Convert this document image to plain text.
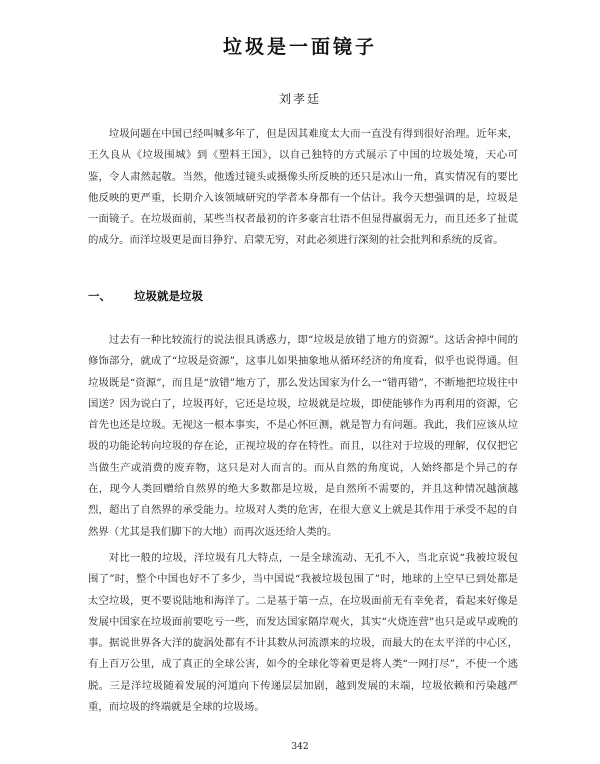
垃圾是一面镜子
刘孝廷

垃圾问题在中国已经叫喊多年了，但是因其难度太大而一直没有得到很好治理。近年来，王久良从《垃圾围城》到《塑料王国》，以自己独特的方式展示了中国的垃圾处境，天心可鉴，令人肃然起敬。当然，他透过镜头或摄像头所反映的还只是冰山一角，真实情况有的要比他反映的更严重，长期介入该领域研究的学者本身都有一个估计。我今天想强调的是，垃圾是一面镜子。在垃圾面前，某些当权者最初的许多豪言壮语不但显得羸弱无力，而且还多了扯谎的成分。而洋垃圾更是面目狰狞、启蒙无穷，对此必须进行深刻的社会批判和系统的反省。

一、 垃圾就是垃圾

过去有一种比较流行的说法很具诱惑力，即“垃圾是放错了地方的资源”。这话舍掉中间的修饰部分，就成了“垃圾是资源”，这事儿如果抽象地从循环经济的角度看，似乎也说得通。但垃圾既是“资源”，而且是“放错”地方了，那么发达国家为什么一“错再错”，不断地把垃圾往中国送？因为说白了，垃圾再好，它还是垃圾，垃圾就是垃圾，即使能够作为再利用的资源，它首先也还是垃圾。无视这一根本事实，不是心怀叵测，就是智力有问题。我此，我们应该从垃圾的功能论转向垃圾的存在论，正视垃圾的存在特性。而且，以往对于垃圾的理解，仅仅把它当做生产或消费的废弃物，这只是对人而言的。而从自然的角度说，人始终都是个异己的存在，现今人类回赠给自然界的绝大多数都是垃圾，是自然所不需要的，并且这种情况越演越烈，超出了自然界的承受能力。垃圾对人类的危害，在很大意义上就是其作用于承受不起的自然界（尤其是我们脚下的大地）而再次返还给人类的。

对比一般的垃圾，洋垃圾有几大特点，一是全球流动、无孔不入，当北京说“我被垃圾包围了”时，整个中国也好不了多少，当中国说“我被垃圾包围了”时，地球的上空早已到处都是太空垃圾，更不要说陆地和海洋了。二是基于第一点，在垃圾面前无有幸免者，看起来好像是发展中国家在垃圾面前要吃亏一些，而发达国家隔岸观火，其实“火烧连营”也只是或早或晚的事。据说世界各大洋的旋涡处都有不计其数从河流漂来的垃圾，而最大的在太平洋的中心区，有上百万公里，成了真正的全球公害，如今的全球化等着更是将人类“一网打尽”，不使一个逃脱。三是洋垃圾随着发展的河道向下传递层层加剧，越到发展的末端，垃圾依赖和污染越严重，而垃圾的终端就是全球的垃圾场。

342
